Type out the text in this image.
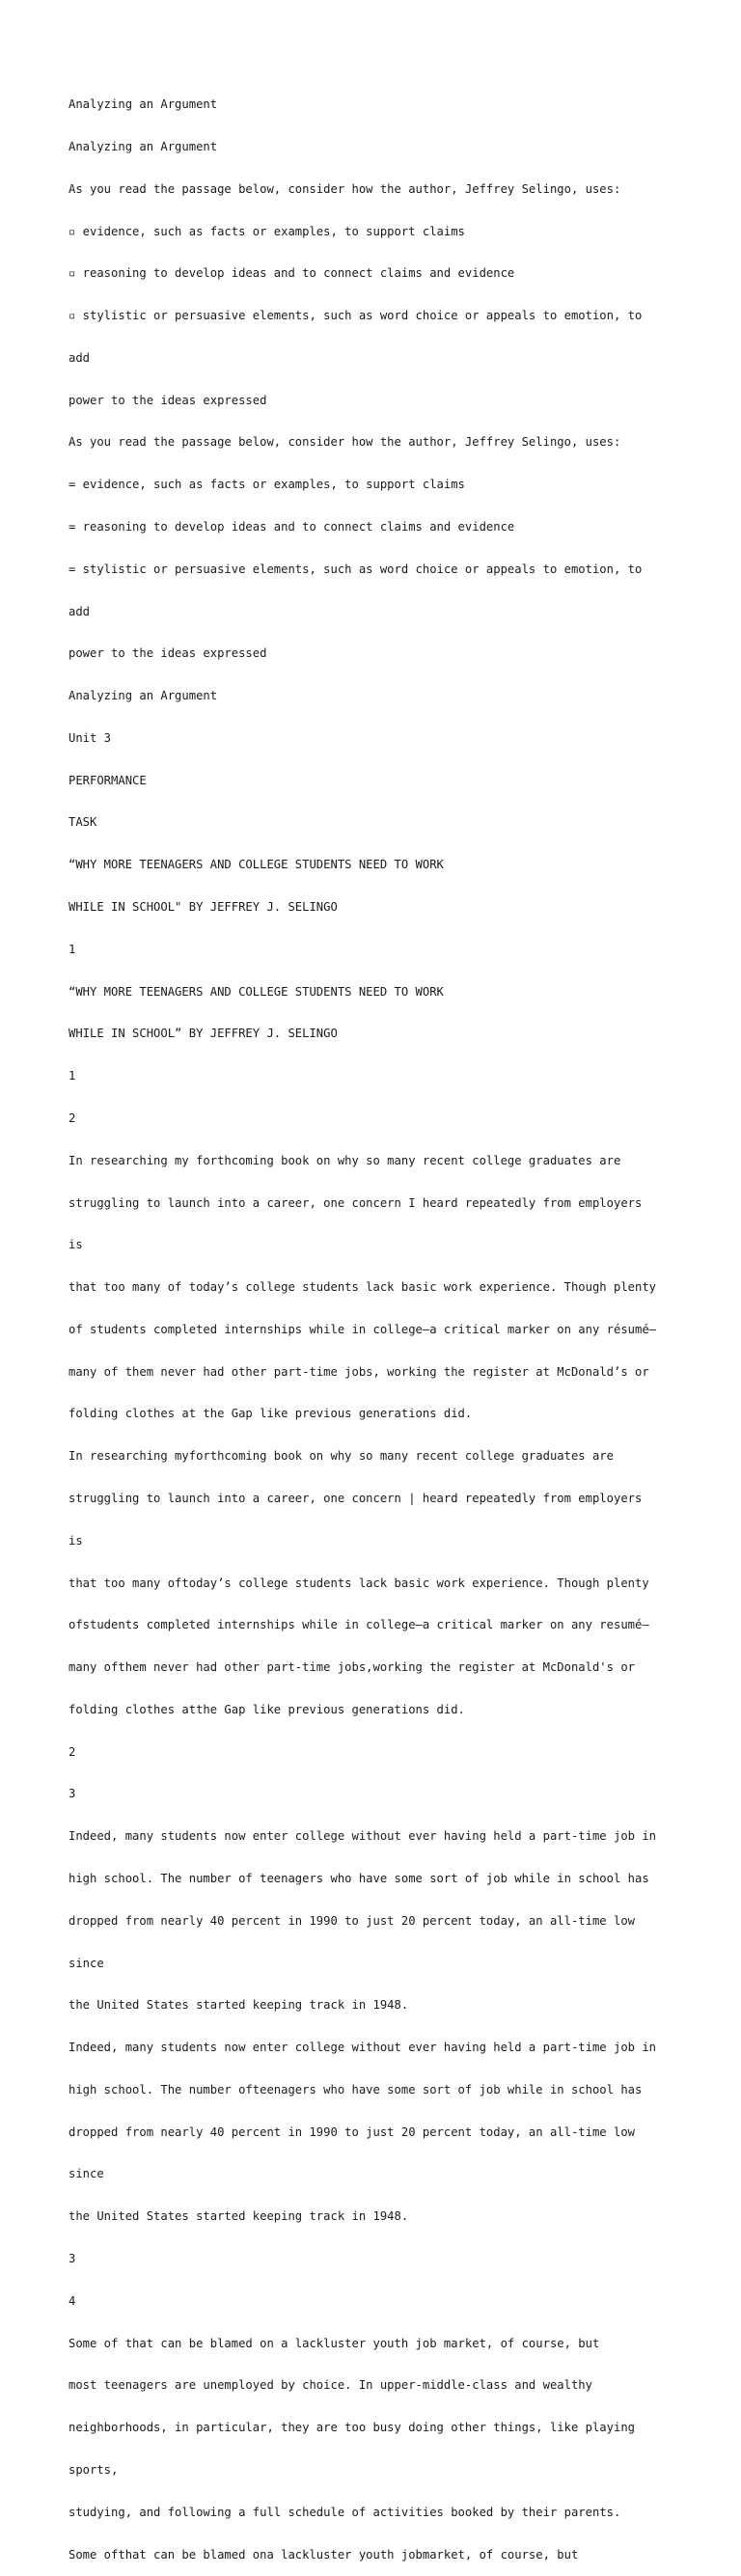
Analyzing an Argument

Analyzing an Argument

As you read the passage below, consider how the author, Jeffrey Selingo, uses:

▫ evidence, such as facts or examples, to support claims

▫ reasoning to develop ideas and to connect claims and evidence

▫ stylistic or persuasive elements, such as word choice or appeals to emotion, to

add

power to the ideas expressed

As you read the passage below, consider how the author, Jeffrey Selingo, uses:

= evidence, such as facts or examples, to support claims

= reasoning to develop ideas and to connect claims and evidence

= stylistic or persuasive elements, such as word choice or appeals to emotion, to

add

power to the ideas expressed

Analyzing an Argument

Unit 3

PERFORMANCE

TASK

“WHY MORE TEENAGERS AND COLLEGE STUDENTS NEED TO WORK

WHILE IN SCHOOL" BY JEFFREY J. SELINGO

1

“WHY MORE TEENAGERS AND COLLEGE STUDENTS NEED TO WORK

WHILE IN SCHOOL” BY JEFFREY J. SELINGO

1

2

In researching my forthcoming book on why so many recent college graduates are

struggling to launch into a career, one concern I heard repeatedly from employers

is

that too many of today’s college students lack basic work experience. Though plenty

of students completed internships while in college—a critical marker on any résumé—

many of them never had other part-time jobs, working the register at McDonald’s or

folding clothes at the Gap like previous generations did.

In researching myforthcoming book on why so many recent college graduates are

struggling to launch into a career, one concern | heard repeatedly from employers

is

that too many oftoday’s college students lack basic work experience. Though plenty

ofstudents completed internships while in college—a critical marker on any resumé—

many ofthem never had other part-time jobs,working the register at McDonald's or

folding clothes atthe Gap like previous generations did.

2

3

Indeed, many students now enter college without ever having held a part-time job in

high school. The number of teenagers who have some sort of job while in school has

dropped from nearly 40 percent in 1990 to just 20 percent today, an all-time low

since

the United States started keeping track in 1948.

Indeed, many students now enter college without ever having held a part-time job in

high school. The number ofteenagers who have some sort of job while in school has

dropped from nearly 40 percent in 1990 to just 20 percent today, an all-time low

since

the United States started keeping track in 1948.

3

4

Some of that can be blamed on a lackluster youth job market, of course, but

most teenagers are unemployed by choice. In upper-middle-class and wealthy

neighborhoods, in particular, they are too busy doing other things, like playing

sports,

studying, and following a full schedule of activities booked by their parents.

Some ofthat can be blamed ona lackluster youth jobmarket, of course, but
